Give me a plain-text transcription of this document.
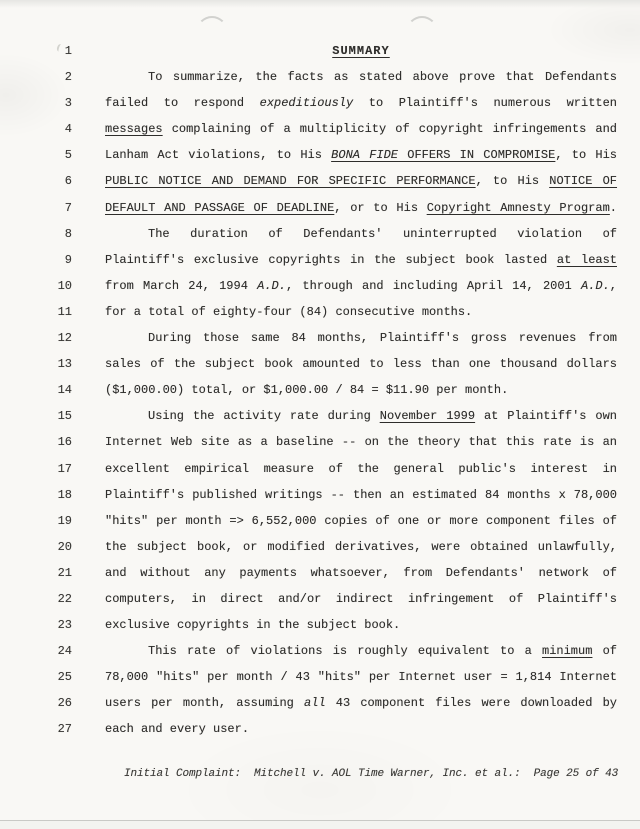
1	SUMMARY
2	To summarize, the facts as stated above prove that Defendants
3	failed to respond expeditiously to Plaintiff's numerous written
4	messages complaining of a multiplicity of copyright infringements and
5	Lanham Act violations, to His BONA FIDE OFFERS IN COMPROMISE, to His
6	PUBLIC NOTICE AND DEMAND FOR SPECIFIC PERFORMANCE, to His NOTICE OF
7	DEFAULT AND PASSAGE OF DEADLINE, or to His Copyright Amnesty Program.
8	The duration of Defendants' uninterrupted violation of
9	Plaintiff's exclusive copyrights in the subject book lasted at least
10	from March 24, 1994 A.D., through and including April 14, 2001 A.D.,
11	for a total of eighty-four (84) consecutive months.
12	During those same 84 months, Plaintiff's gross revenues from
13	sales of the subject book amounted to less than one thousand dollars
14	($1,000.00) total, or $1,000.00 / 84 = $11.90 per month.
15	Using the activity rate during November 1999 at Plaintiff's own
16	Internet Web site as a baseline -- on the theory that this rate is an
17	excellent empirical measure of the general public's interest in
18	Plaintiff's published writings -- then an estimated 84 months x 78,000
19	"hits" per month => 6,552,000 copies of one or more component files of
20	the subject book, or modified derivatives, were obtained unlawfully,
21	and without any payments whatsoever, from Defendants' network of
22	computers, in direct and/or indirect infringement of Plaintiff's
23	exclusive copyrights in the subject book.
24	This rate of violations is roughly equivalent to a minimum of
25	78,000 "hits" per month / 43 "hits" per Internet user = 1,814 Internet
26	users per month, assuming all 43 component files were downloaded by
27	each and every user.
Initial Complaint:  Mitchell v. AOL Time Warner, Inc. et al.:  Page 25 of 43
